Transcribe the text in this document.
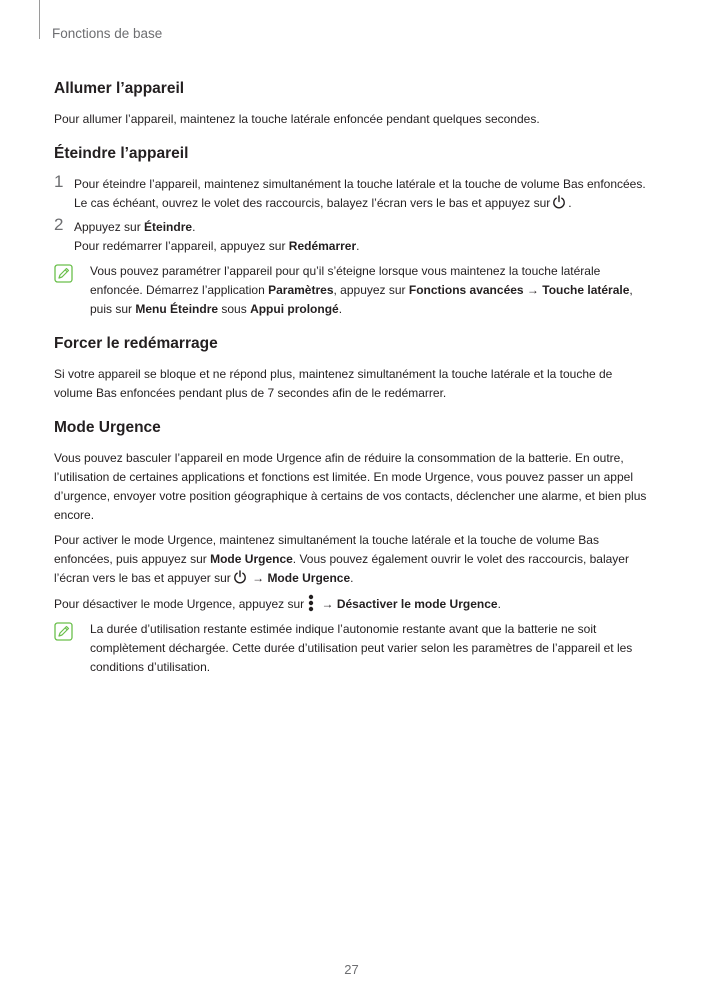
Fonctions de base
Allumer l’appareil

Pour allumer l’appareil, maintenez la touche latérale enfoncée pendant quelques secondes.

Éteindre l’appareil
1 Pour éteindre l’appareil, maintenez simultanément la touche latérale et la touche de volume Bas enfoncées. Le cas échéant, ouvrez le volet des raccourcis, balayez l’écran vers le bas et appuyez sur .

2 Appuyez sur Éteindre.

Pour redémarrer l’appareil, appuyez sur Redémarrer.

Vous pouvez paramétrer l’appareil pour qu’il s’éteigne lorsque vous maintenez la touche latérale enfoncée. Démarrez l’application Paramètres, appuyez sur Fonctions avancées → Touche latérale, puis sur Menu Éteindre sous Appui prolongé.

Forcer le redémarrage

Si votre appareil se bloque et ne répond plus, maintenez simultanément la touche latérale et la touche de volume Bas enfoncées pendant plus de 7 secondes afin de le redémarrer.

Mode Urgence

Vous pouvez basculer l’appareil en mode Urgence afin de réduire la consommation de la batterie. En outre, l’utilisation de certaines applications et fonctions est limitée. En mode Urgence, vous pouvez passer un appel d’urgence, envoyer votre position géographique à certains de vos contacts, déclencher une alarme, et bien plus encore.

Pour activer le mode Urgence, maintenez simultanément la touche latérale et la touche de volume Bas enfoncées, puis appuyez sur Mode Urgence. Vous pouvez également ouvrir le volet des raccourcis, balayer l’écran vers le bas et appuyer sur → Mode Urgence.

Pour désactiver le mode Urgence, appuyez sur → Désactiver le mode Urgence.

La durée d’utilisation restante estimée indique l’autonomie restante avant que la batterie ne soit complètement déchargée. Cette durée d’utilisation peut varier selon les paramètres de l’appareil et les conditions d’utilisation.

27
